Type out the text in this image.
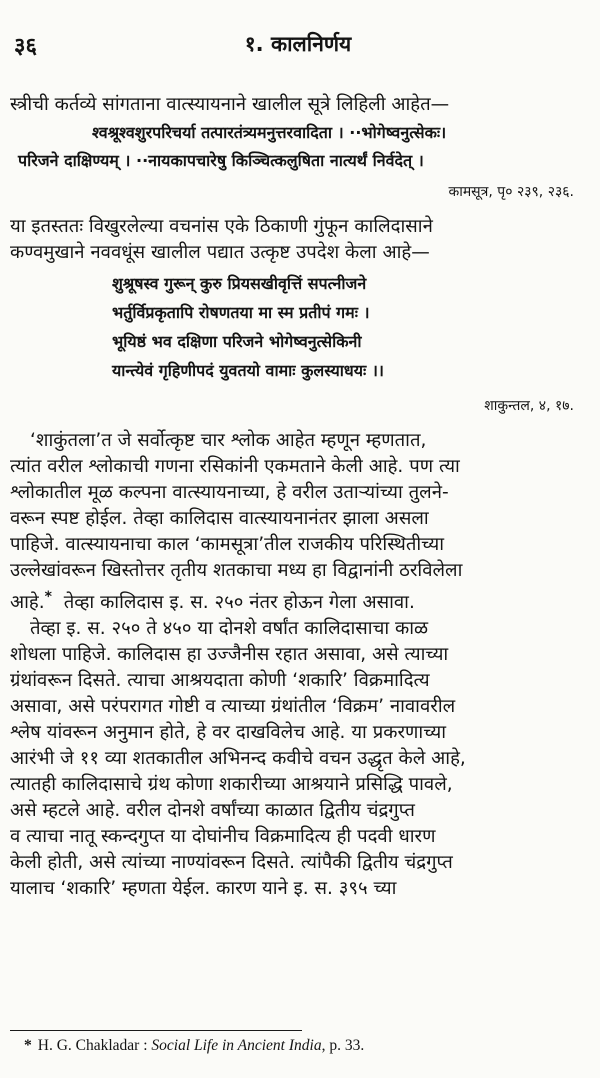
३६	१. कालनिर्णय
स्त्रीची कर्तव्ये सांगताना वात्स्यायनाने खालील सूत्रे लिहिली आहेत—
श्वश्रूश्वशुरपरिचर्या तत्पारतंत्र्यमनुत्तरवादिता । ··भोगेष्वनुत्सेकः।
परिजने दाक्षिण्यम् । ··नायकापचारेषु किञ्चित्कलुषिता नात्यर्थं निर्वदेत् ।
कामसूत्र, पृ० २३९, २३६.
या इतस्ततः विखुरलेल्या वचनांस एके ठिकाणी गुंफून कालिदासाने
कण्वमुखाने नववधूंस खालील पद्यात उत्कृष्ट उपदेश केला आहे—
शुश्रूषस्व गुरून् कुरु प्रियसखीवृत्तिं सपत्नीजने
भर्तुर्विप्रकृतापि रोषणतया मा स्म प्रतीपं गमः ।
भूयिष्ठं भव दक्षिणा परिजने भोगेष्वनुत्सेकिनी
यान्त्येवं गृहिणीपदं युवतयो वामाः कुलस्याधयः ।।
शाकुन्तल, ४, १७.
‘शाकुंतला’त जे सर्वोत्कृष्ट चार श्लोक आहेत म्हणून म्हणतात,
त्यांत वरील श्लोकाची गणना रसिकांनी एकमताने केली आहे. पण त्या
श्लोकातील मूळ कल्पना वात्स्यायनाच्या, हे वरील उताऱ्यांच्या तुलने-
वरून स्पष्ट होईल. तेव्हा कालिदास वात्स्यायनानंतर झाला असला
पाहिजे. वात्स्यायनाचा काल ‘कामसूत्रा’तील राजकीय परिस्थितीच्या
उल्लेखांवरून खिस्तोत्तर तृतीय शतकाचा मध्य हा विद्वानांनी ठरविलेला
आहे.*  तेव्हा कालिदास इ. स. २५० नंतर होऊन गेला असावा.
तेव्हा इ. स. २५० ते ४५० या दोनशे वर्षांत कालिदासाचा काळ
शोधला पाहिजे. कालिदास हा उज्जैनीस रहात असावा, असे त्याच्या
ग्रंथांवरून दिसते. त्याचा आश्रयदाता कोणी ‘शकारि’ विक्रमादित्य
असावा, असे परंपरागत गोष्टी व त्याच्या ग्रंथांतील ‘विक्रम’ नावावरील
श्लेष यांवरून अनुमान होते, हे वर दाखविलेच आहे. या प्रकरणाच्या
आरंभी जे ११ व्या शतकातील अभिनन्द कवीचे वचन उद्धृत केले आहे,
त्यातही कालिदासाचे ग्रंथ कोणा शकारीच्या आश्रयाने प्रसिद्धि पावले,
असे म्हटले आहे. वरील दोनशे वर्षांच्या काळात द्वितीय चंद्रगुप्त
व त्याचा नातू स्कन्दगुप्त या दोघांनीच विक्रमादित्य ही पदवी धारण
केली होती, असे त्यांच्या नाण्यांवरून दिसते. त्यांपैकी द्वितीय चंद्रगुप्त
यालाच ‘शकारि’ म्हणता येईल. कारण याने इ. स. ३९५ च्या
* H. G. Chakladar : Social Life in Ancient India, p. 33.
